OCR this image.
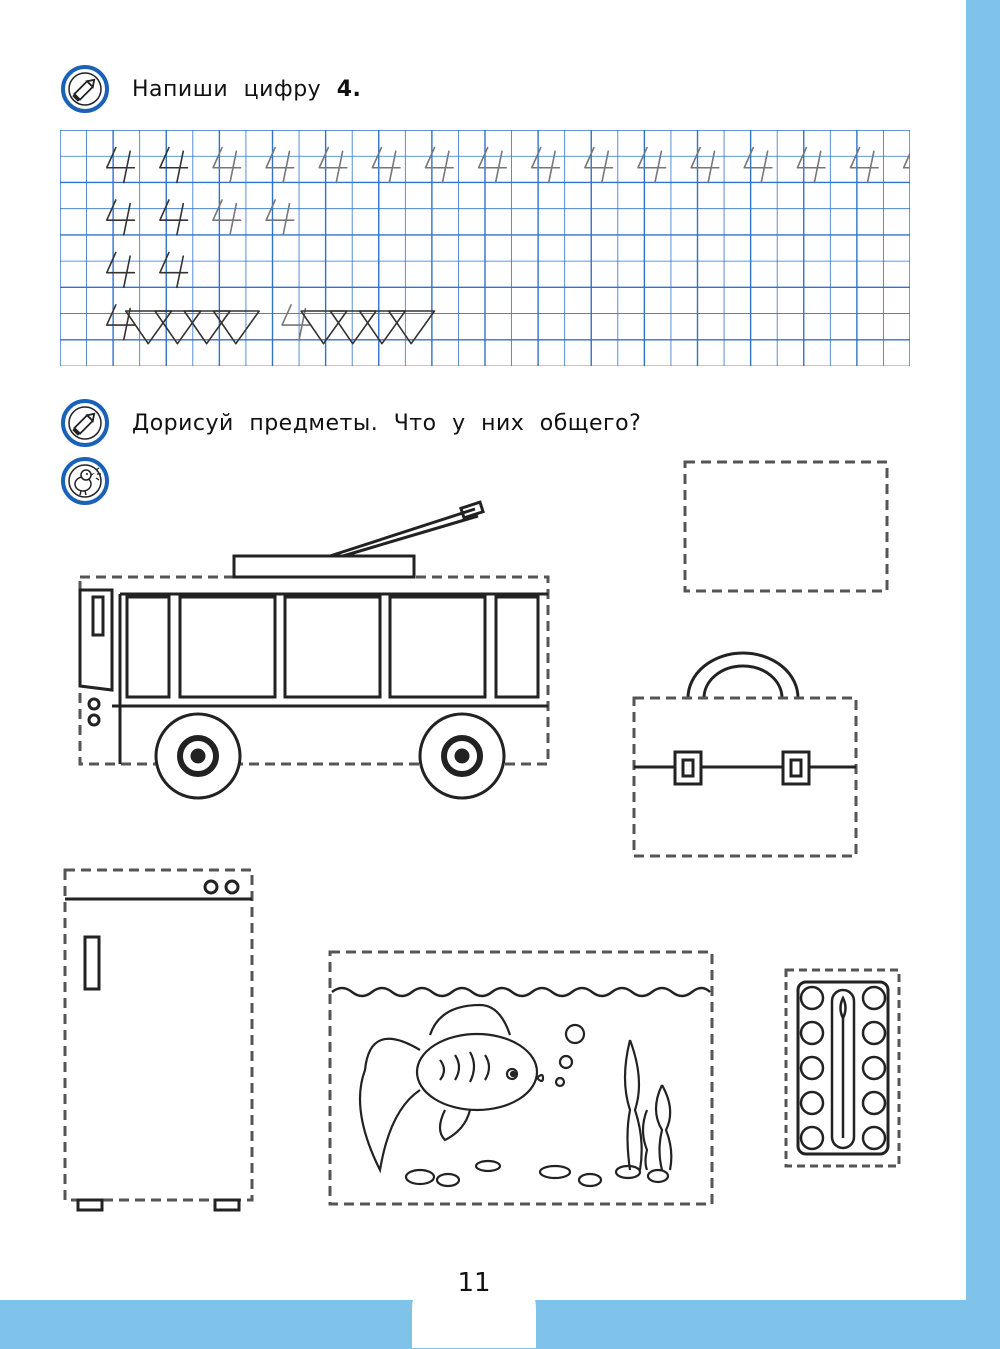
Напиши цифру 4.
Дорисуй предметы. Что у них общего?
11
